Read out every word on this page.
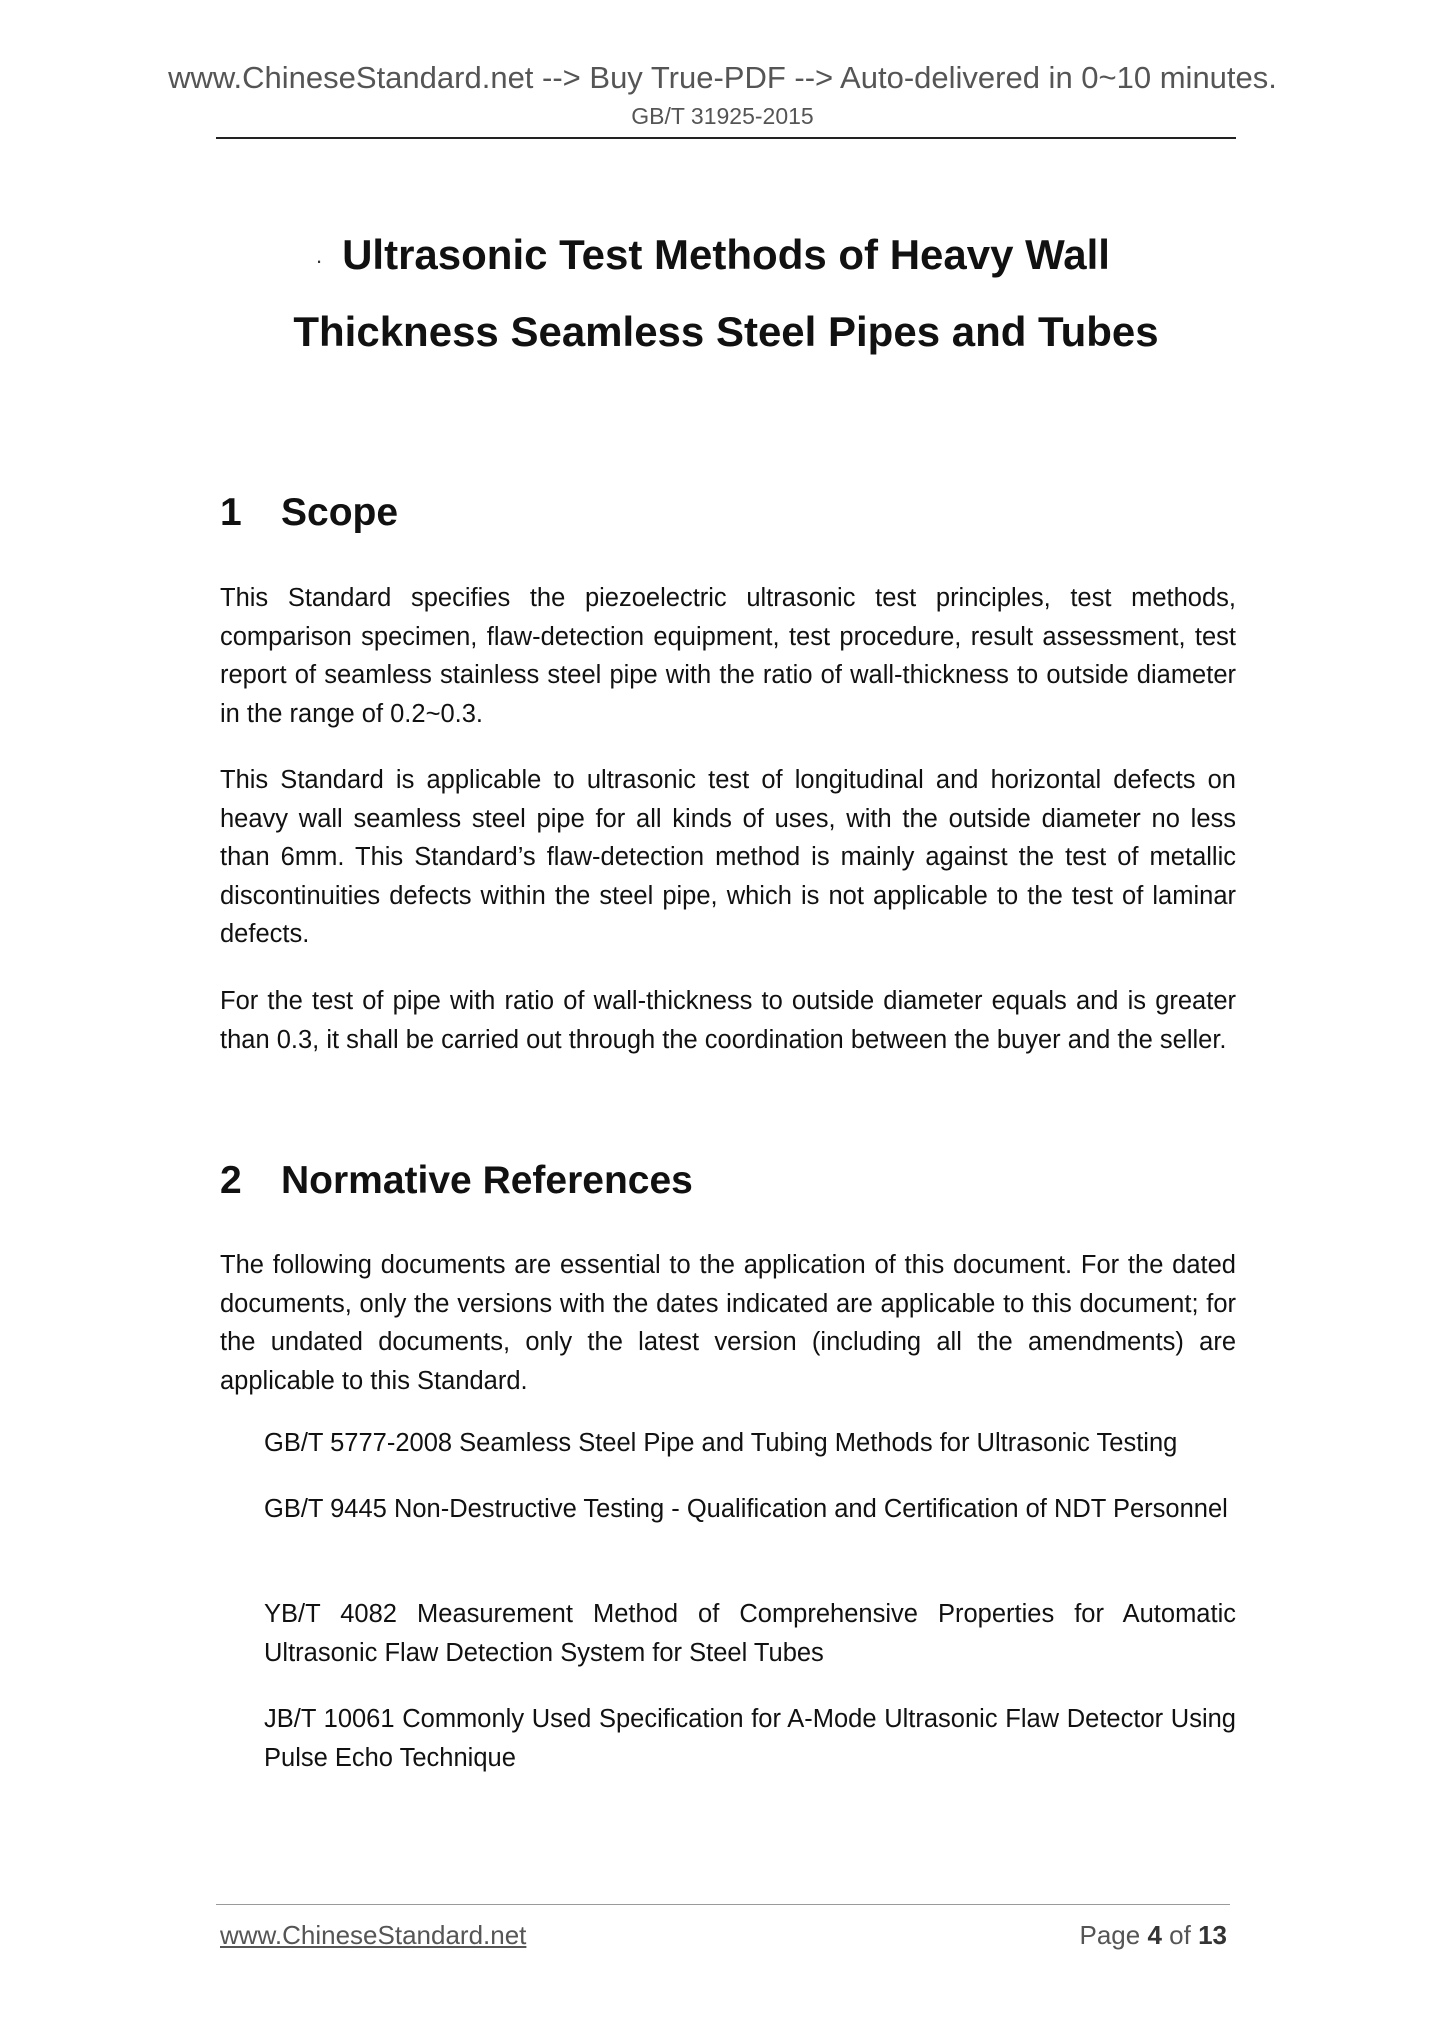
www.ChineseStandard.net --> Buy True-PDF --> Auto-delivered in 0~10 minutes.
GB/T 31925-2015
. Ultrasonic Test Methods of Heavy Wall
Thickness Seamless Steel Pipes and Tubes
1 Scope

This Standard specifies the piezoelectric ultrasonic test principles, test methods, comparison specimen, flaw-detection equipment, test procedure, result assessment, test report of seamless stainless steel pipe with the ratio of wall-thickness to outside diameter in the range of 0.2~0.3.

This Standard is applicable to ultrasonic test of longitudinal and horizontal defects on heavy wall seamless steel pipe for all kinds of uses, with the outside diameter no less than 6mm. This Standard’s flaw-detection method is mainly against the test of metallic discontinuities defects within the steel pipe, which is not applicable to the test of laminar defects.

For the test of pipe with ratio of wall-thickness to outside diameter equals and is greater than 0.3, it shall be carried out through the coordination between the buyer and the seller.

2 Normative References

The following documents are essential to the application of this document. For the dated documents, only the versions with the dates indicated are applicable to this document; for the undated documents, only the latest version (including all the amendments) are applicable to this Standard.

GB/T 5777-2008 Seamless Steel Pipe and Tubing Methods for Ultrasonic Testing

GB/T 9445 Non-Destructive Testing - Qualification and Certification of NDT Personnel

YB/T 4082 Measurement Method of Comprehensive Properties for Automatic Ultrasonic Flaw Detection System for Steel Tubes

JB/T 10061 Commonly Used Specification for A-Mode Ultrasonic Flaw Detector Using Pulse Echo Technique

www.ChineseStandard.net	Page 4 of 13
